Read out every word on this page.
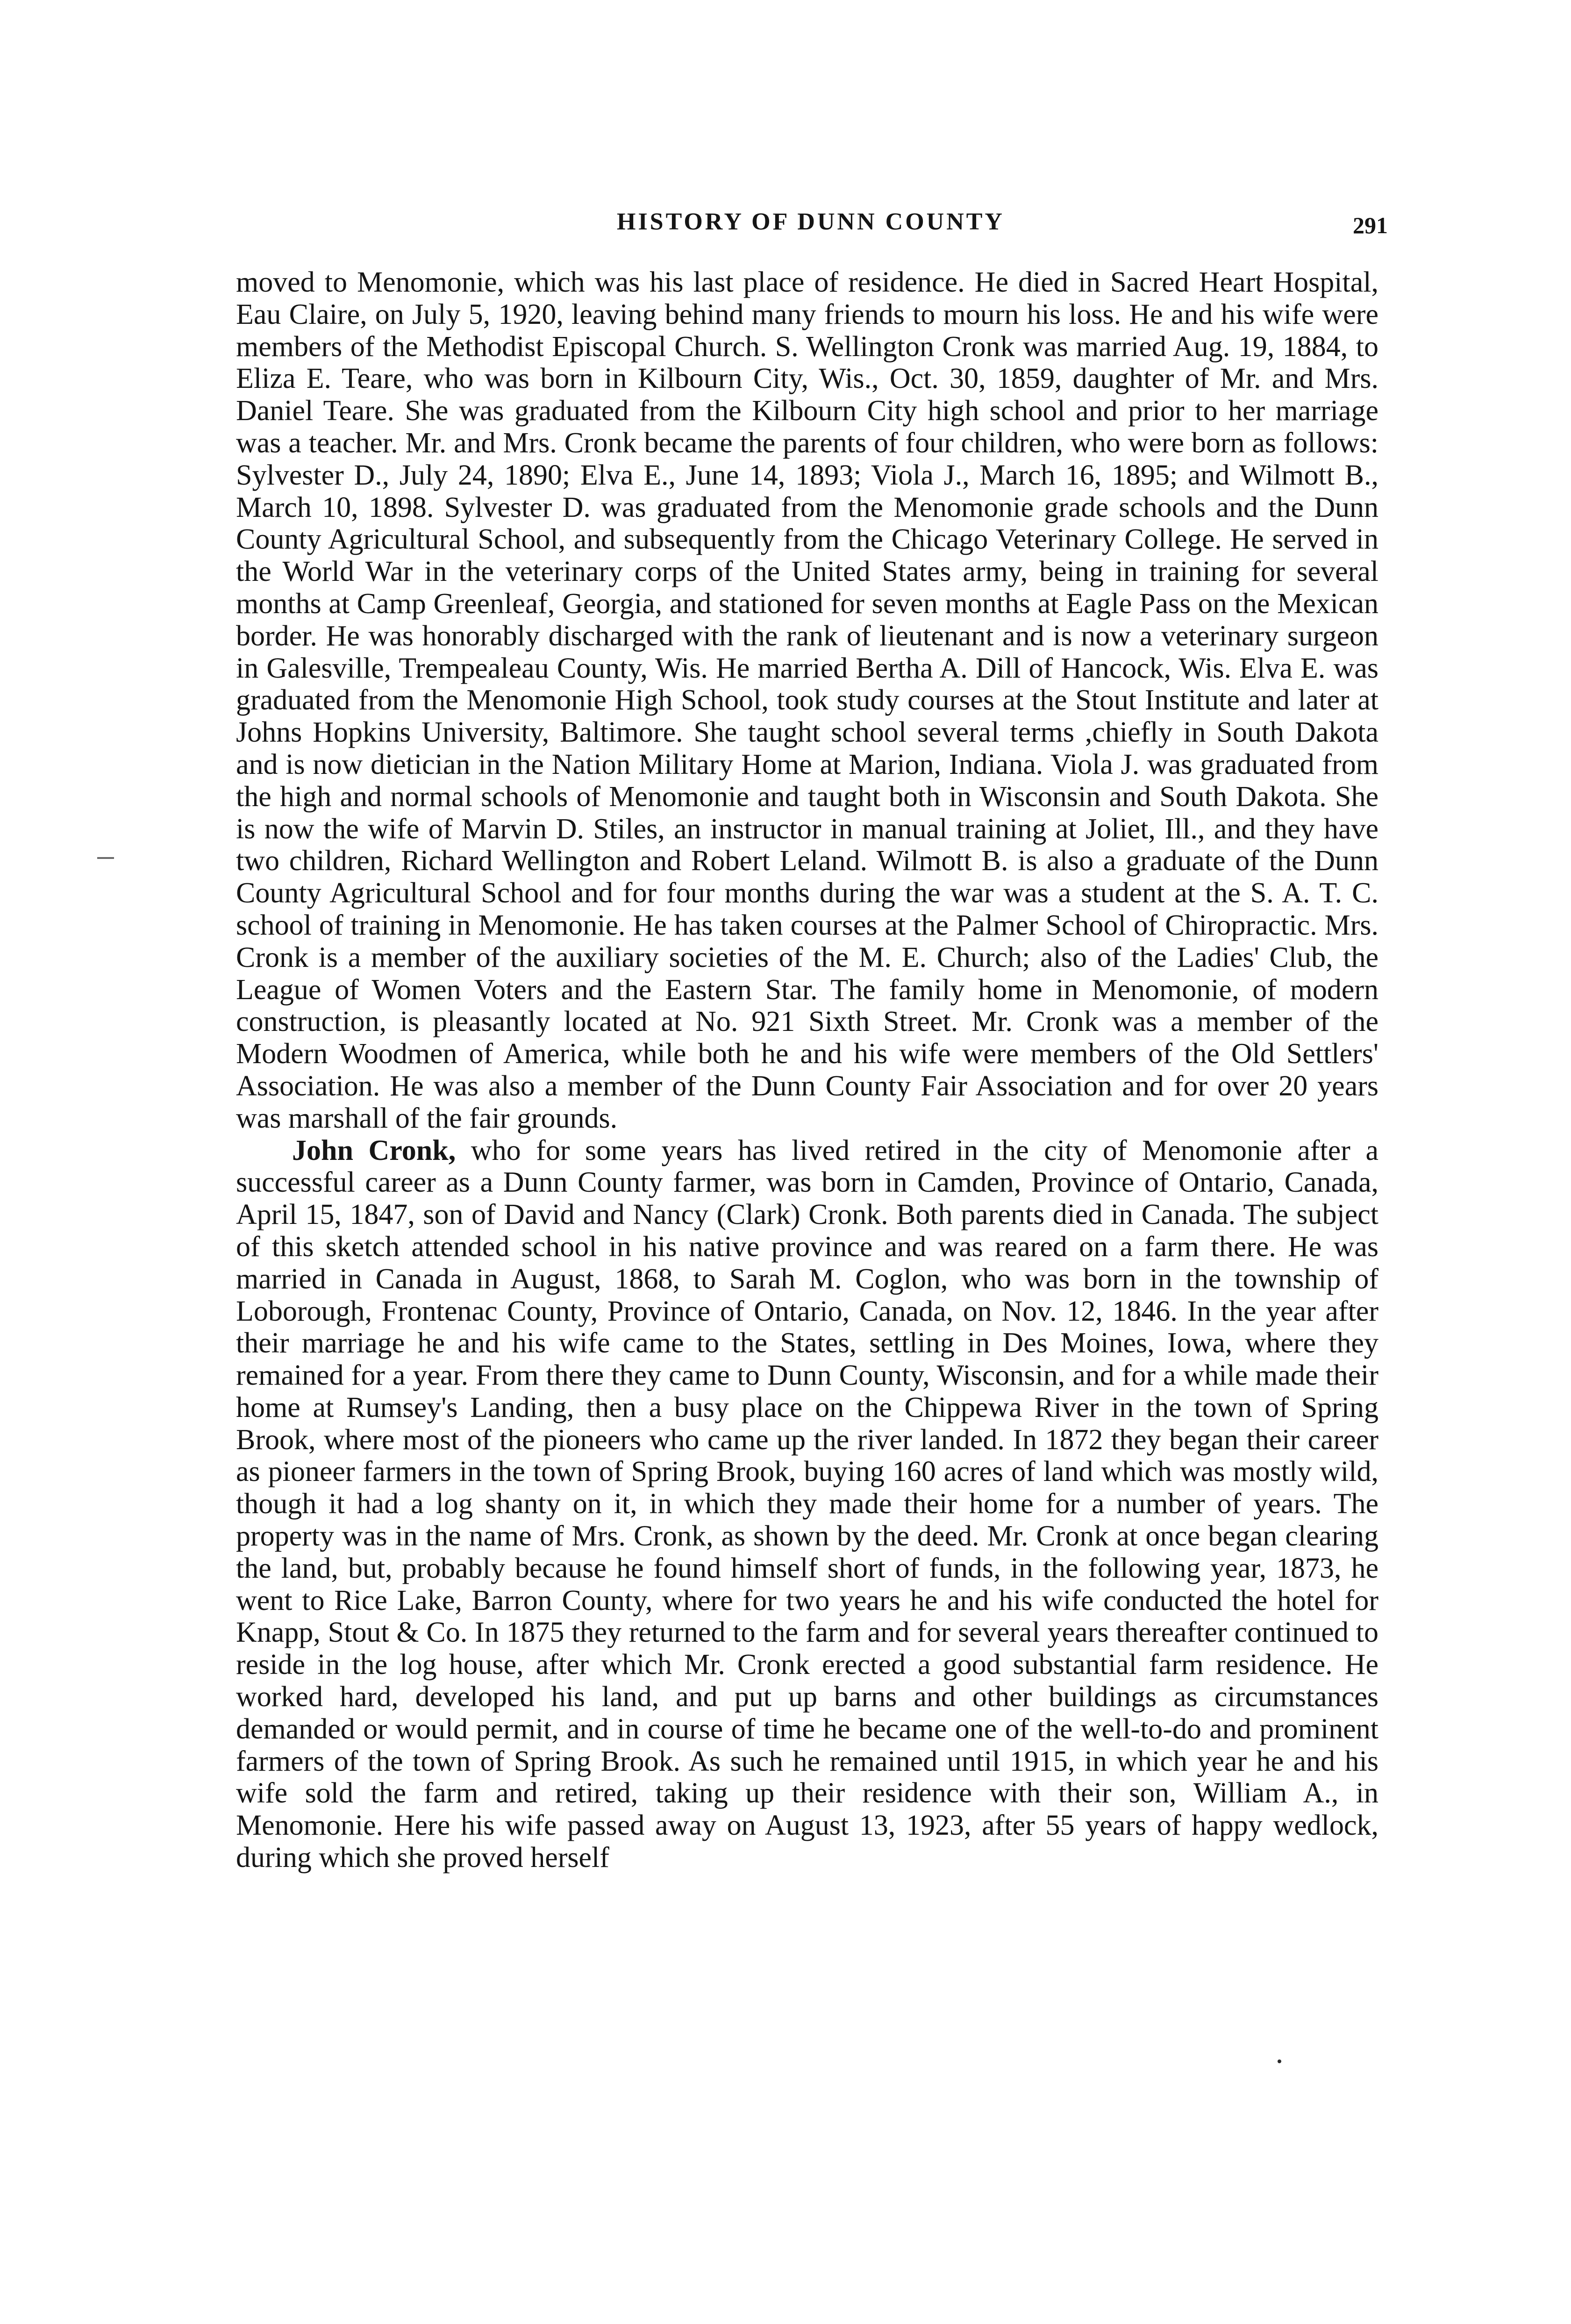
HISTORY OF DUNN COUNTY	291

moved to Menomonie, which was his last place of residence. He died in Sacred Heart Hospital, Eau Claire, on July 5, 1920, leaving behind many friends to mourn his loss. He and his wife were members of the Methodist Episcopal Church. S. Wellington Cronk was married Aug. 19, 1884, to Eliza E. Teare, who was born in Kilbourn City, Wis., Oct. 30, 1859, daughter of Mr. and Mrs. Daniel Teare. She was graduated from the Kilbourn City high school and prior to her marriage was a teacher. Mr. and Mrs. Cronk became the parents of four children, who were born as follows: Sylvester D., July 24, 1890; Elva E., June 14, 1893; Viola J., March 16, 1895; and Wilmott B., March 10, 1898. Sylvester D. was graduated from the Menomonie grade schools and the Dunn County Agricultural School, and subsequently from the Chicago Veterinary College. He served in the World War in the veterinary corps of the United States army, being in training for several months at Camp Greenleaf, Georgia, and stationed for seven months at Eagle Pass on the Mexican border. He was honorably discharged with the rank of lieutenant and is now a veterinary surgeon in Galesville, Trempealeau County, Wis. He married Bertha A. Dill of Hancock, Wis. Elva E. was graduated from the Menomonie High School, took study courses at the Stout Institute and later at Johns Hopkins University, Baltimore. She taught school several terms ,chiefly in South Dakota and is now dietician in the Nation Military Home at Marion, Indiana. Viola J. was graduated from the high and normal schools of Menomonie and taught both in Wisconsin and South Dakota. She is now the wife of Marvin D. Stiles, an instructor in manual training at Joliet, Ill., and they have two children, Richard Wellington and Robert Leland. Wilmott B. is also a graduate of the Dunn County Agricultural School and for four months during the war was a student at the S. A. T. C. school of training in Menomonie. He has taken courses at the Palmer School of Chiropractic. Mrs. Cronk is a member of the auxiliary societies of the M. E. Church; also of the Ladies' Club, the League of Women Voters and the Eastern Star. The family home in Menomonie, of modern construction, is pleasantly located at No. 921 Sixth Street. Mr. Cronk was a member of the Modern Woodmen of America, while both he and his wife were members of the Old Settlers' Association. He was also a member of the Dunn County Fair Association and for over 20 years was marshall of the fair grounds.

John Cronk, who for some years has lived retired in the city of Menomonie after a successful career as a Dunn County farmer, was born in Camden, Province of Ontario, Canada, April 15, 1847, son of David and Nancy (Clark) Cronk. Both parents died in Canada. The subject of this sketch attended school in his native province and was reared on a farm there. He was married in Canada in August, 1868, to Sarah M. Coglon, who was born in the township of Loborough, Frontenac County, Province of Ontario, Canada, on Nov. 12, 1846. In the year after their marriage he and his wife came to the States, settling in Des Moines, Iowa, where they remained for a year. From there they came to Dunn County, Wisconsin, and for a while made their home at Rumsey's Landing, then a busy place on the Chippewa River in the town of Spring Brook, where most of the pioneers who came up the river landed. In 1872 they began their career as pioneer farmers in the town of Spring Brook, buying 160 acres of land which was mostly wild, though it had a log shanty on it, in which they made their home for a number of years. The property was in the name of Mrs. Cronk, as shown by the deed. Mr. Cronk at once began clearing the land, but, probably because he found himself short of funds, in the following year, 1873, he went to Rice Lake, Barron County, where for two years he and his wife conducted the hotel for Knapp, Stout & Co. In 1875 they returned to the farm and for several years thereafter continued to reside in the log house, after which Mr. Cronk erected a good substantial farm residence. He worked hard, developed his land, and put up barns and other buildings as circumstances demanded or would permit, and in course of time he became one of the well-to-do and prominent farmers of the town of Spring Brook. As such he remained until 1915, in which year he and his wife sold the farm and retired, taking up their residence with their son, William A., in Menomonie. Here his wife passed away on August 13, 1923, after 55 years of happy wedlock, during which she proved herself
